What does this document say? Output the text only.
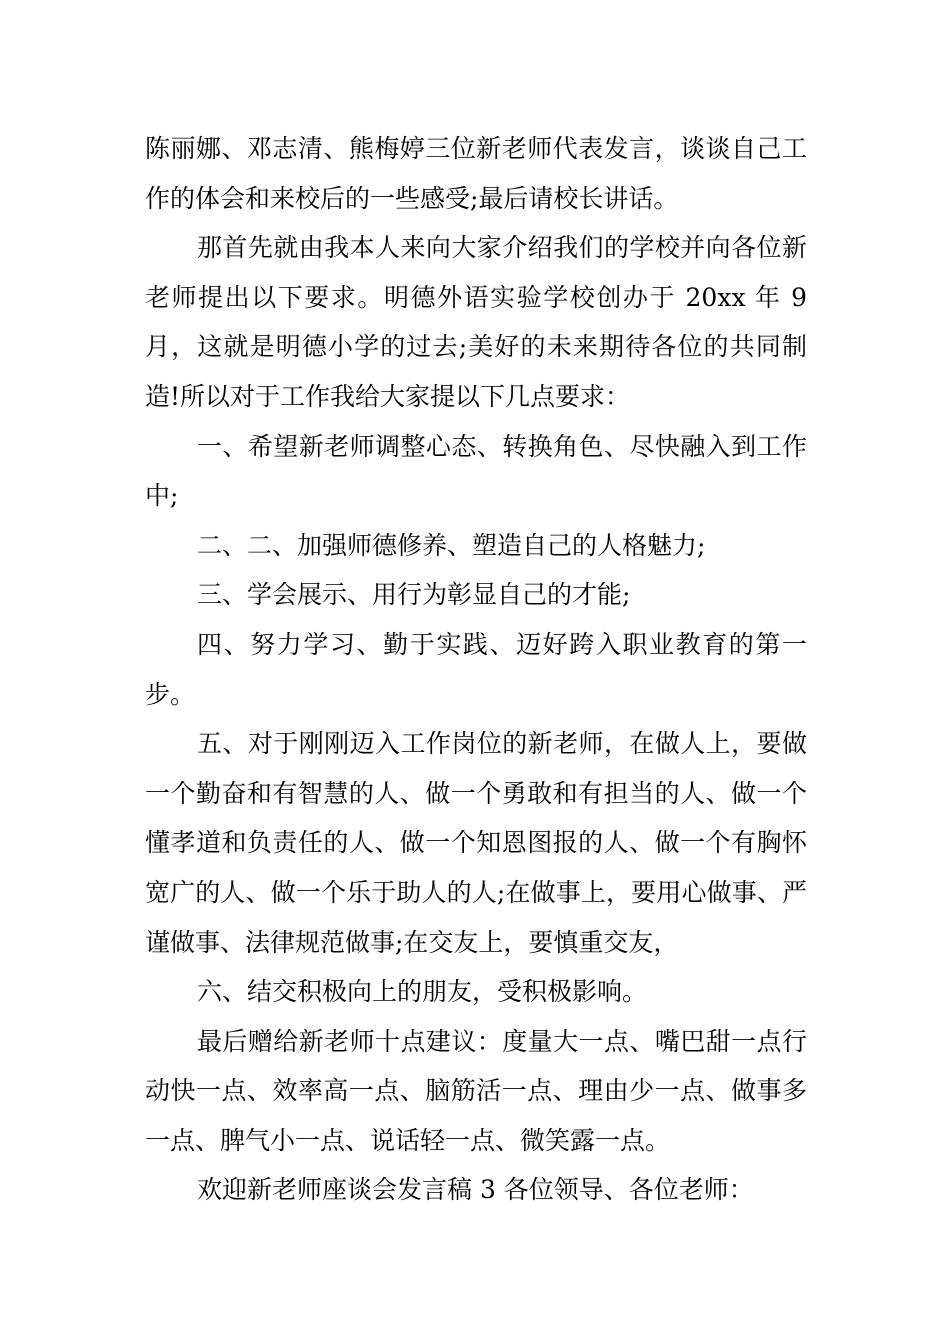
陈丽娜、邓志清、熊梅婷三位新老师代表发言，谈谈自己工作的体会和来校后的一些感受;最后请校长讲话。

那首先就由我本人来向大家介绍我们的学校并向各位新老师提出以下要求。明德外语实验学校创办于 20xx 年 9 月，这就是明德小学的过去;美好的未来期待各位的共同制造!所以对于工作我给大家提以下几点要求：

一、希望新老师调整心态、转换角色、尽快融入到工作中;

二、二、加强师德修养、塑造自己的人格魅力;

三、学会展示、用行为彰显自己的才能;

四、努力学习、勤于实践、迈好跨入职业教育的第一步。

五、对于刚刚迈入工作岗位的新老师，在做人上，要做一个勤奋和有智慧的人、做一个勇敢和有担当的人、做一个懂孝道和负责任的人、做一个知恩图报的人、做一个有胸怀宽广的人、做一个乐于助人的人;在做事上，要用心做事、严谨做事、法律规范做事;在交友上，要慎重交友，

六、结交积极向上的朋友，受积极影响。

最后赠给新老师十点建议：度量大一点、嘴巴甜一点行动快一点、效率高一点、脑筋活一点、理由少一点、做事多一点、脾气小一点、说话轻一点、微笑露一点。

欢迎新老师座谈会发言稿 3 各位领导、各位老师：
